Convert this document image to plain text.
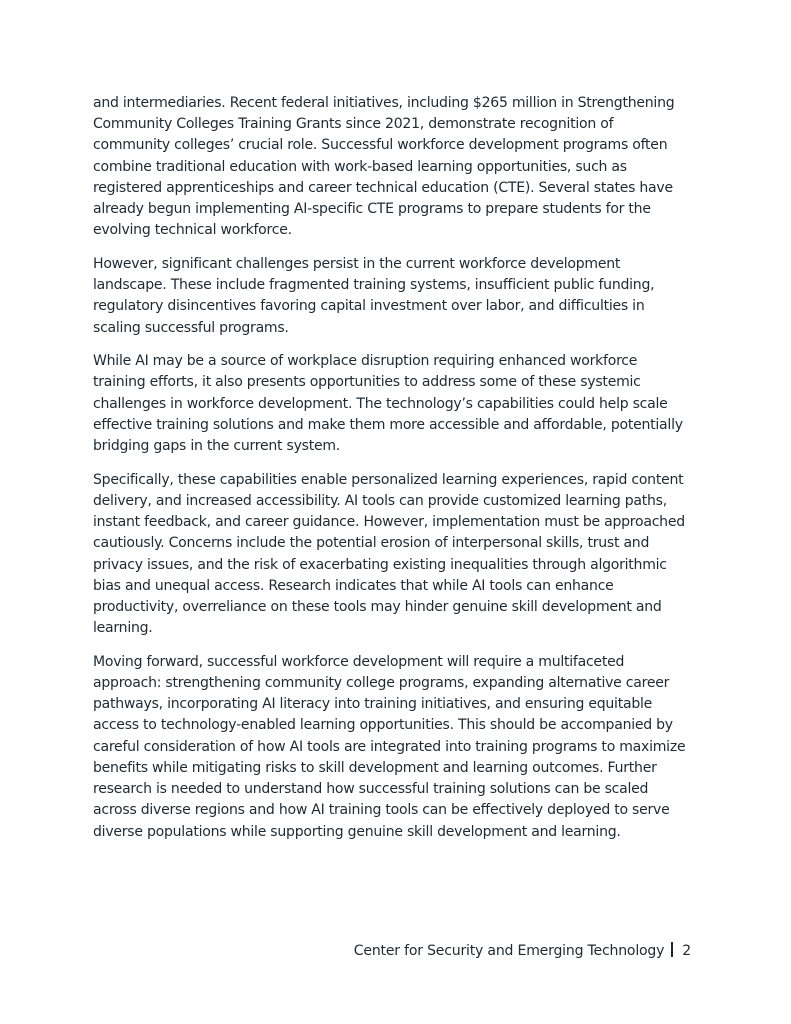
and intermediaries. Recent federal initiatives, including $265 million in Strengthening
Community Colleges Training Grants since 2021, demonstrate recognition of
community colleges’ crucial role. Successful workforce development programs often
combine traditional education with work-based learning opportunities, such as
registered apprenticeships and career technical education (CTE). Several states have
already begun implementing AI-specific CTE programs to prepare students for the
evolving technical workforce.

However, significant challenges persist in the current workforce development
landscape. These include fragmented training systems, insufficient public funding,
regulatory disincentives favoring capital investment over labor, and difficulties in
scaling successful programs.

While AI may be a source of workplace disruption requiring enhanced workforce
training efforts, it also presents opportunities to address some of these systemic
challenges in workforce development. The technology’s capabilities could help scale
effective training solutions and make them more accessible and affordable, potentially
bridging gaps in the current system.

Specifically, these capabilities enable personalized learning experiences, rapid content
delivery, and increased accessibility. AI tools can provide customized learning paths,
instant feedback, and career guidance. However, implementation must be approached
cautiously. Concerns include the potential erosion of interpersonal skills, trust and
privacy issues, and the risk of exacerbating existing inequalities through algorithmic
bias and unequal access. Research indicates that while AI tools can enhance
productivity, overreliance on these tools may hinder genuine skill development and
learning.

Moving forward, successful workforce development will require a multifaceted
approach: strengthening community college programs, expanding alternative career
pathways, incorporating AI literacy into training initiatives, and ensuring equitable
access to technology-enabled learning opportunities. This should be accompanied by
careful consideration of how AI tools are integrated into training programs to maximize
benefits while mitigating risks to skill development and learning outcomes. Further
research is needed to understand how successful training solutions can be scaled
across diverse regions and how AI training tools can be effectively deployed to serve
diverse populations while supporting genuine skill development and learning.

Center for Security and Emerging Technology 2
